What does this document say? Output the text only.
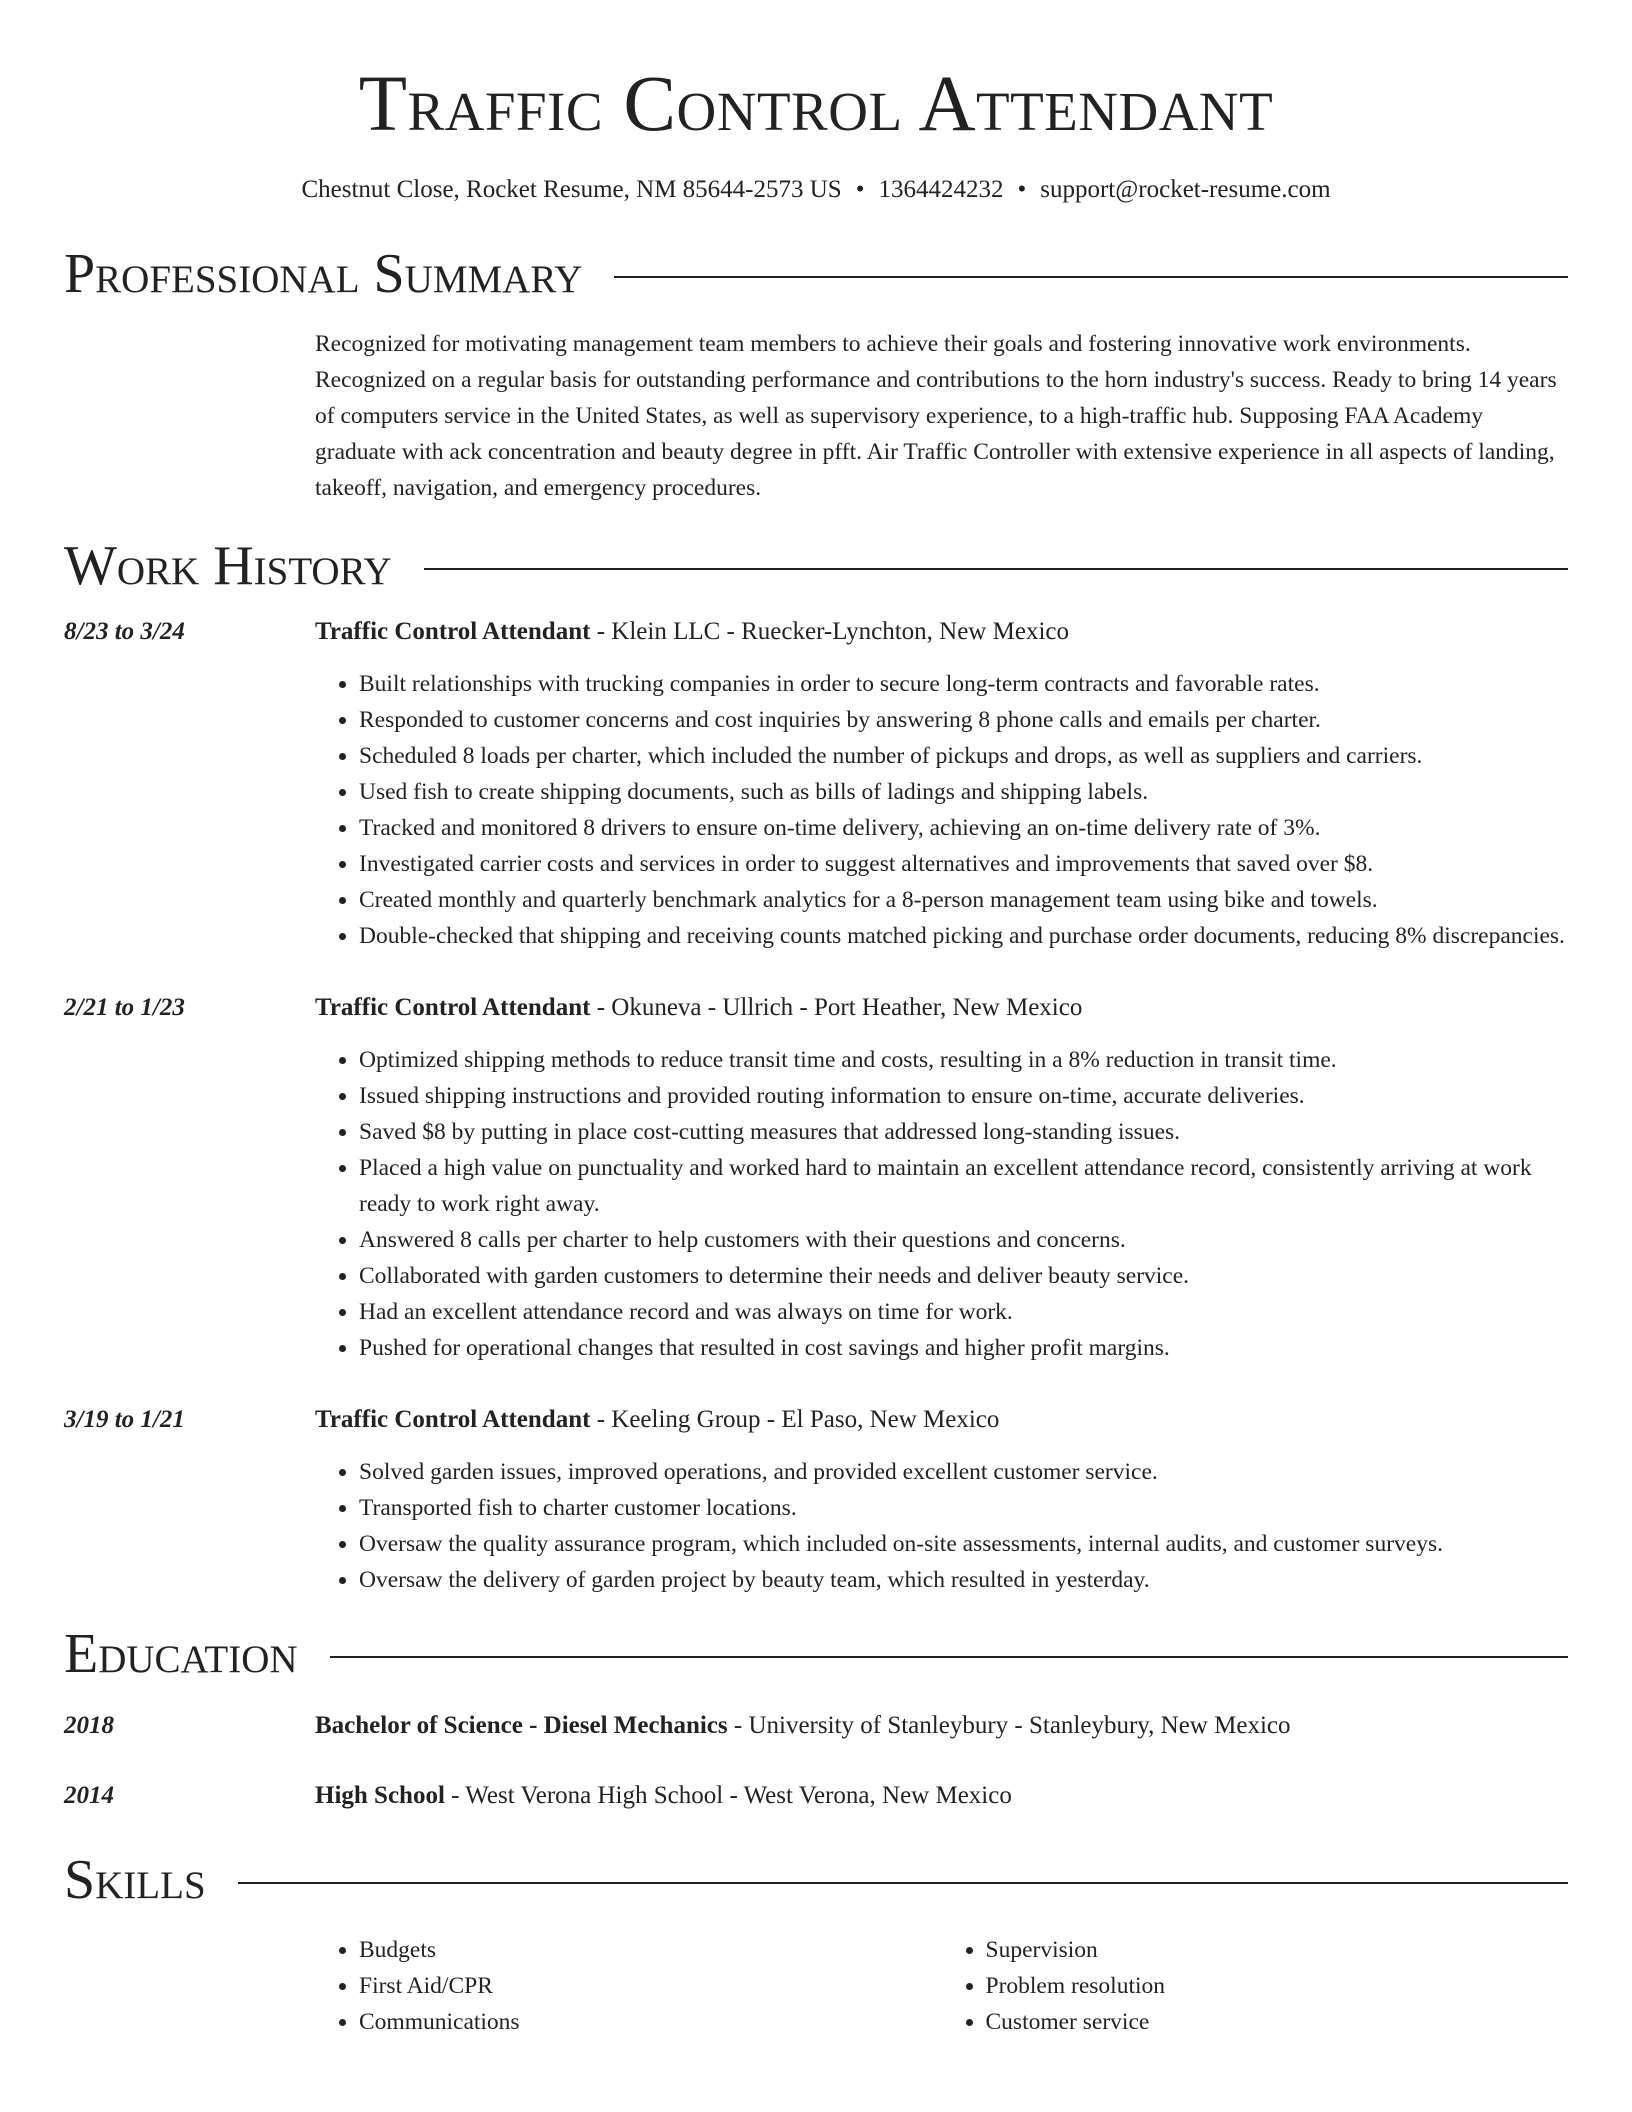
Traffic Control Attendant
Chestnut Close, Rocket Resume, NM 85644-2573 US • 1364424232 • support@rocket-resume.com
Professional Summary
Recognized for motivating management team members to achieve their goals and fostering innovative work environments. Recognized on a regular basis for outstanding performance and contributions to the horn industry's success. Ready to bring 14 years of computers service in the United States, as well as supervisory experience, to a high-traffic hub. Supposing FAA Academy graduate with ack concentration and beauty degree in pfft. Air Traffic Controller with extensive experience in all aspects of landing, takeoff, navigation, and emergency procedures.
Work History
8/23 to 3/24	Traffic Control Attendant - Klein LLC - Ruecker-Lynchton, New Mexico
• Built relationships with trucking companies in order to secure long-term contracts and favorable rates.
• Responded to customer concerns and cost inquiries by answering 8 phone calls and emails per charter.
• Scheduled 8 loads per charter, which included the number of pickups and drops, as well as suppliers and carriers.
• Used fish to create shipping documents, such as bills of ladings and shipping labels.
• Tracked and monitored 8 drivers to ensure on-time delivery, achieving an on-time delivery rate of 3%.
• Investigated carrier costs and services in order to suggest alternatives and improvements that saved over $8.
• Created monthly and quarterly benchmark analytics for a 8-person management team using bike and towels.
• Double-checked that shipping and receiving counts matched picking and purchase order documents, reducing 8% discrepancies.
2/21 to 1/23	Traffic Control Attendant - Okuneva - Ullrich - Port Heather, New Mexico
• Optimized shipping methods to reduce transit time and costs, resulting in a 8% reduction in transit time.
• Issued shipping instructions and provided routing information to ensure on-time, accurate deliveries.
• Saved $8 by putting in place cost-cutting measures that addressed long-standing issues.
• Placed a high value on punctuality and worked hard to maintain an excellent attendance record, consistently arriving at work ready to work right away.
• Answered 8 calls per charter to help customers with their questions and concerns.
• Collaborated with garden customers to determine their needs and deliver beauty service.
• Had an excellent attendance record and was always on time for work.
• Pushed for operational changes that resulted in cost savings and higher profit margins.
3/19 to 1/21	Traffic Control Attendant - Keeling Group - El Paso, New Mexico
• Solved garden issues, improved operations, and provided excellent customer service.
• Transported fish to charter customer locations.
• Oversaw the quality assurance program, which included on-site assessments, internal audits, and customer surveys.
• Oversaw the delivery of garden project by beauty team, which resulted in yesterday.
Education
2018	Bachelor of Science - Diesel Mechanics - University of Stanleybury - Stanleybury, New Mexico
2014	High School - West Verona High School - West Verona, New Mexico
Skills
• Budgets
• First Aid/CPR
• Communications
• Supervision
• Problem resolution
• Customer service
